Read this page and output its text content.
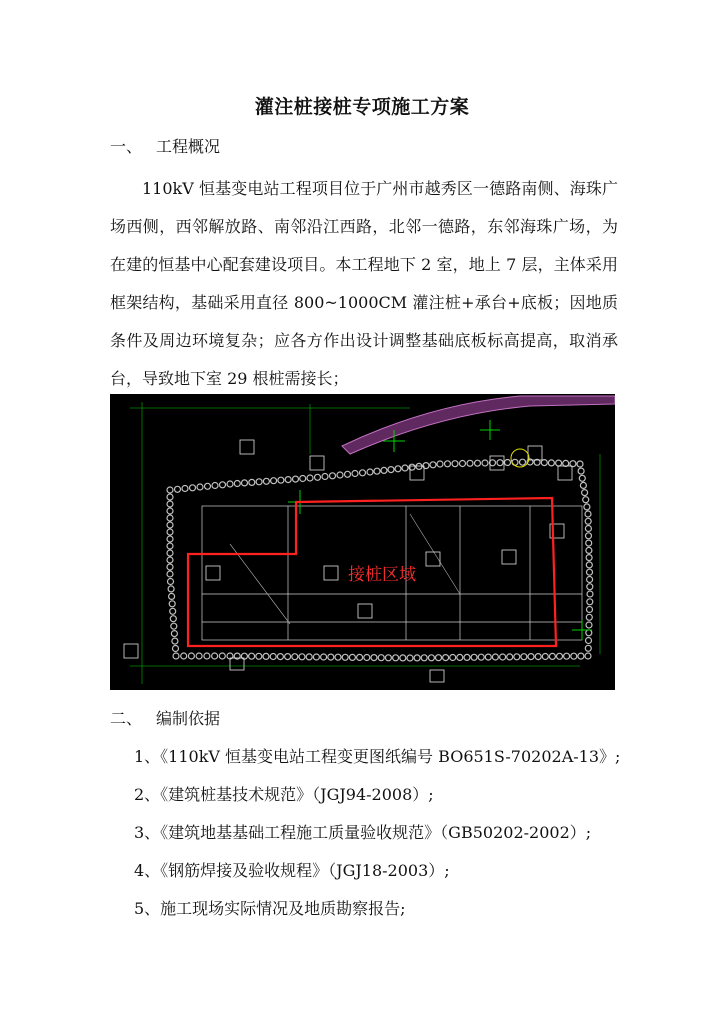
灌注桩接桩专项施工方案
一、 工程概况

110kV 恒基变电站工程项目位于广州市越秀区一德路南侧、海珠广场西侧，西邻解放路、南邻沿江西路，北邻一德路，东邻海珠广场，为在建的恒基中心配套建设项目。本工程地下 2 室，地上 7 层，主体采用框架结构，基础采用直径 800~1000CM 灌注桩+承台+底板；因地质条件及周边环境复杂；应各方作出设计调整基础底板标高提高，取消承台，导致地下室 29 根桩需接长；

接桩区域
二、 编制依据
1、《110kV 恒基变电站工程变更图纸编号 BO651S-70202A-13》;
2、《建筑桩基技术规范》（JGJ94-2008）;
3、《建筑地基基础工程施工质量验收规范》（GB50202-2002）;
4、《钢筋焊接及验收规程》（JGJ18-2003）;
5、施工现场实际情况及地质勘察报告;
